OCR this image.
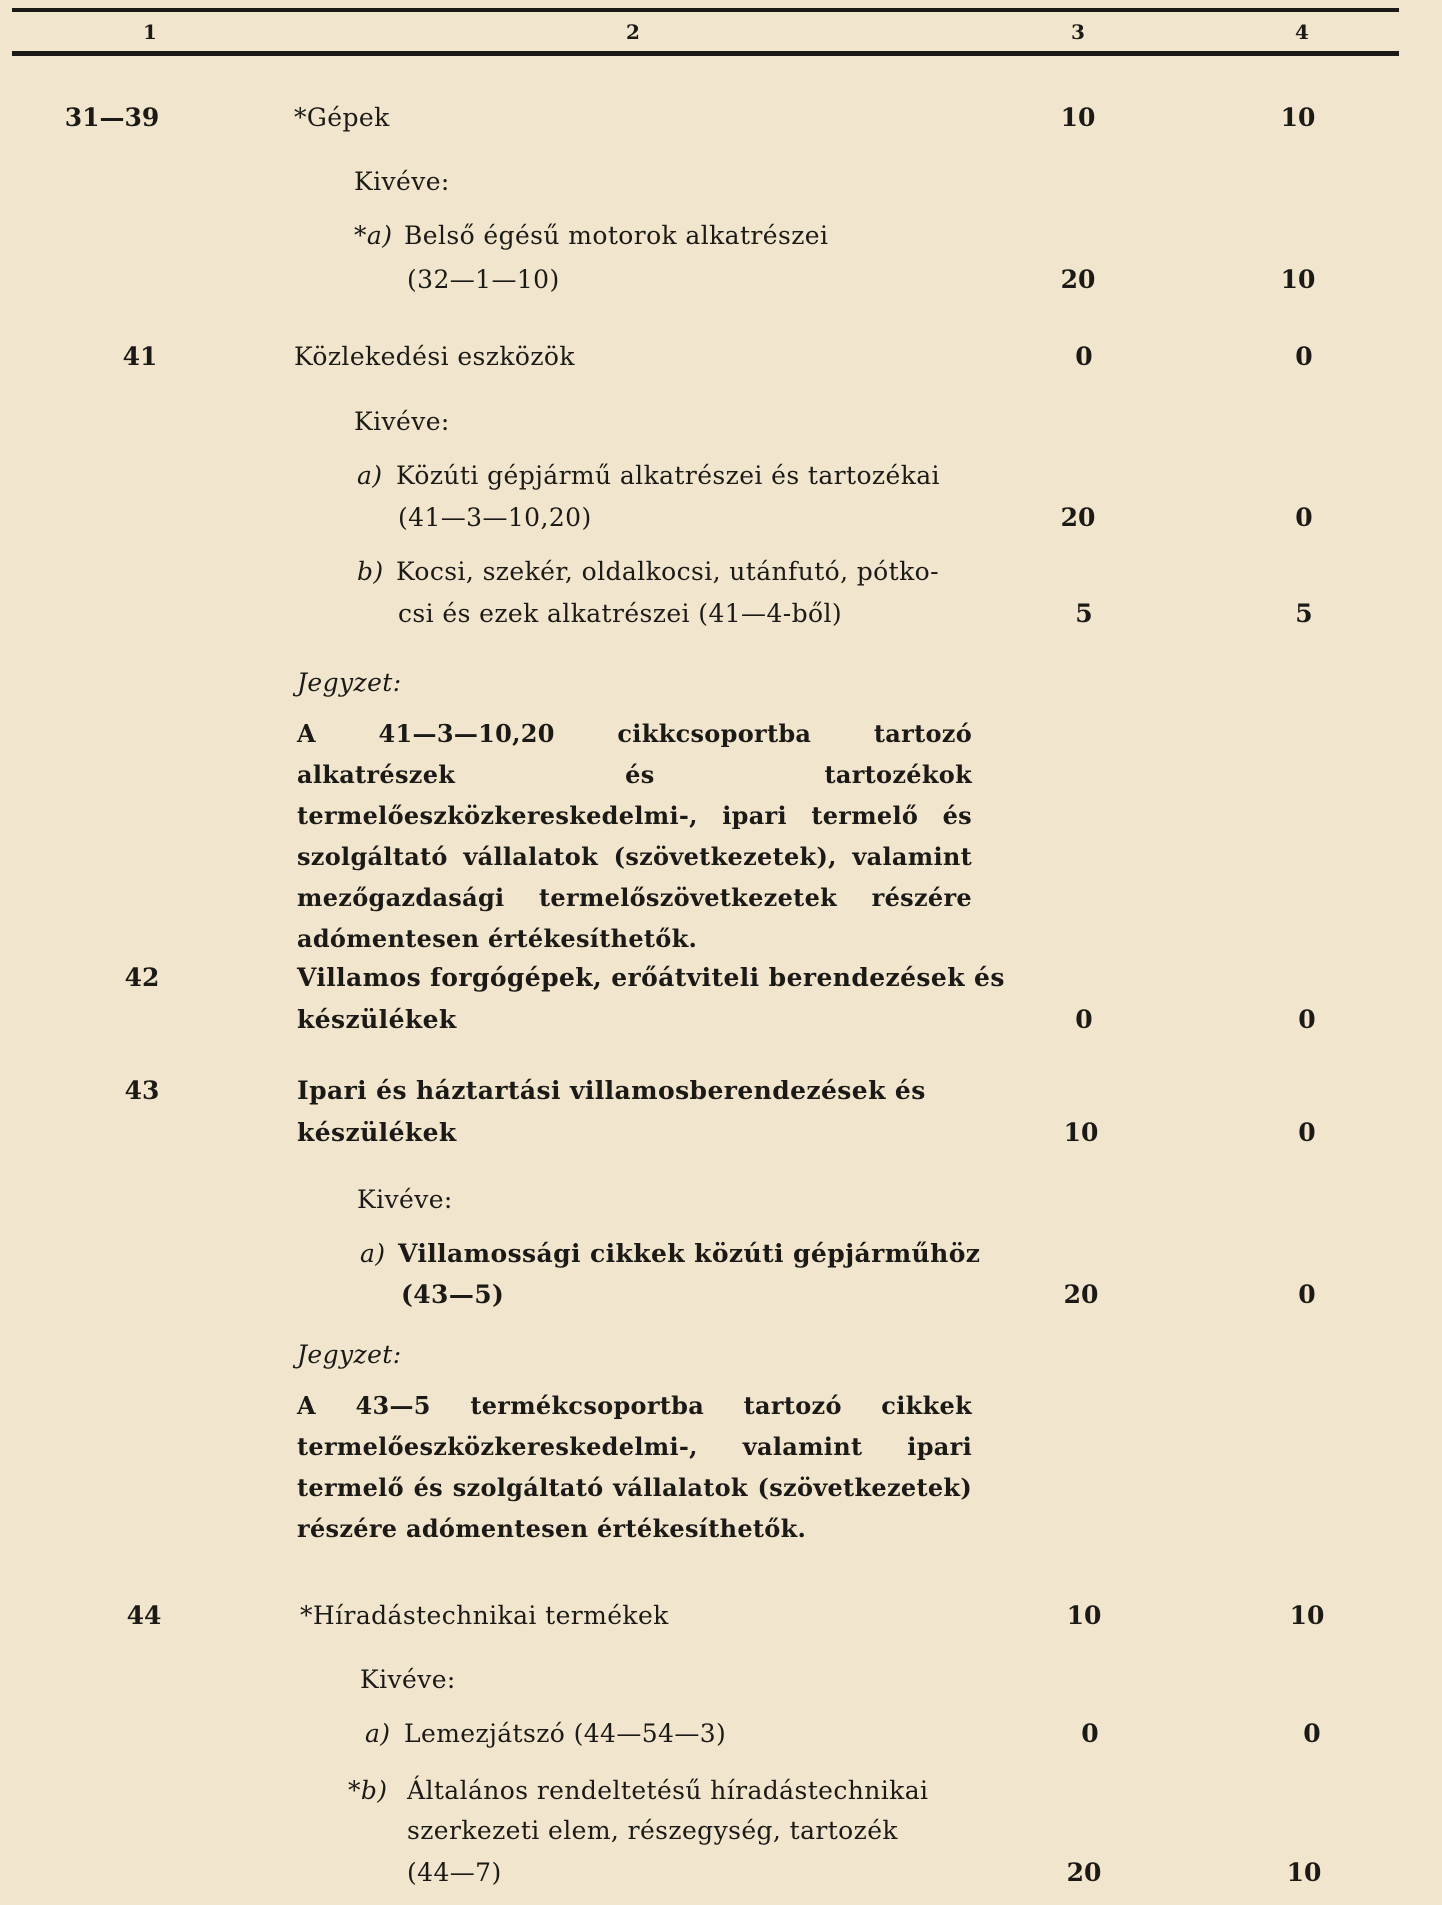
1	2	3	4
31—39	*Gépek	10	10
Kivéve:
*a) Belső égésű motorok alkatrészei
(32—1—10)	20	10
41	Közlekedési eszközök	0	0
Kivéve:
a) Közúti gépjármű alkatrészei és tartozékai
(41—3—10,20)	20	0
b) Kocsi, szekér, oldalkocsi, utánfutó, pótko-
csi és ezek alkatrészei (41—4-ből)	5	5
Jegyzet:
A 41—3—10,20 cikkcsoportba tartozó alkatrészek és tartozékok termelőeszközkereskedelmi-, ipari termelő és szolgáltató vállalatok (szövetkezetek), valamint mezőgazdasági termelőszövetkezetek részére adómentesen értékesíthetők.
42	Villamos forgógépek, erőátviteli berendezések és
készülékek	0	0
43	Ipari és háztartási villamosberendezések és
készülékek	10	0
Kivéve:
a) Villamossági cikkek közúti gépjárműhöz
(43—5)	20	0
Jegyzet:
A 43—5 termékcsoportba tartozó cikkek termelőeszközkereskedelmi-, valamint ipari termelő és szolgáltató vállalatok (szövetkezetek) részére adómentesen értékesíthetők.
44	*Híradástechnikai termékek	10	10
Kivéve:
a) Lemezjátszó (44—54—3)	0	0
*b) Általános rendeltetésű híradástechnikai
szerkezeti elem, részegység, tartozék
(44—7)	20	10
